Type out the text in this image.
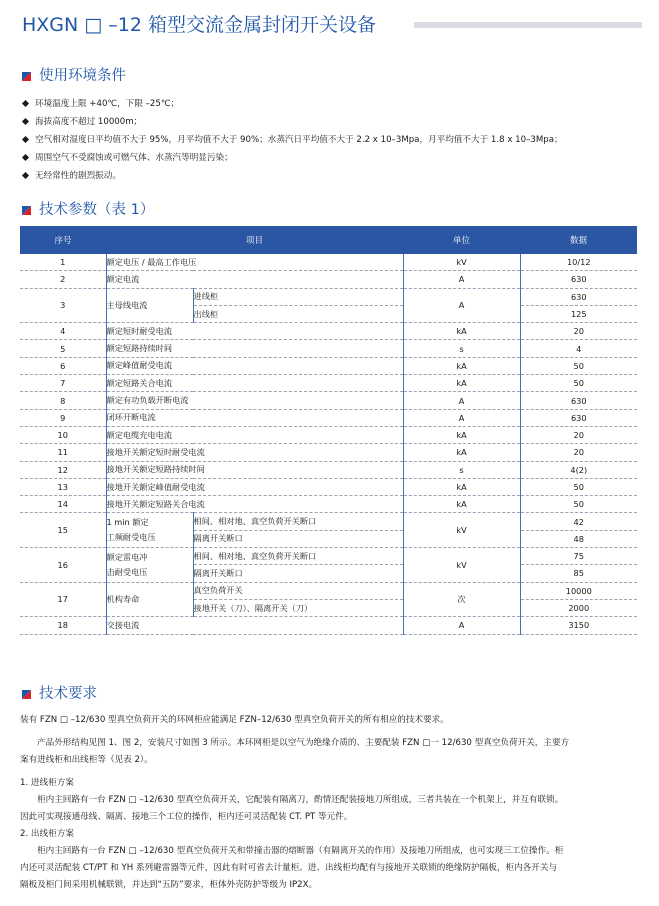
HXGN □ –12 箱型交流金属封闭开关设备
使用环境条件
环境温度上限 +40℃，下限 –25℃；
海拔高度不超过 10000m；
空气相对湿度日平均值不大于 95%，月平均值不大于 90%；水蒸汽日平均值不大于 2.2 x 10–3Mpa，月平均值不大于 1.8 x 10–3Mpa；
周围空气不受腐蚀或可燃气体、水蒸汽等明显污染；
无经常性的剧烈振动。
技术参数（表 1）
序号	项目		单位	数据
1	额定电压 / 最高工作电压		kV	10/12
2	额定电流		A	630
3	主母线电流	进线柜	A	630
		出线柜		125
4	额定短时耐受电流		kA	20
5	额定短路持续时间		s	4
6	额定峰值耐受电流		kA	50
7	额定短路关合电流		kA	50
8	额定有功负载开断电流		A	630
9	闭环开断电流		A	630
10	额定电缆充电电流		kA	20
11	接地开关额定短时耐受电流		kA	20
12	接地开关额定短路持续时间		s	4(2)
13	接地开关额定峰值耐受电流		kA	50
14	接地开关额定短路关合电流		kA	50
15	1 min 额定
工频耐受电压	相间、相对地、真空负荷开关断口	kV	42
		隔离开关断口		48
16	额定雷电冲
击耐受电压	相间、相对地、真空负荷开关断口	kV	75
		隔离开关断口		85
17	机构寿命	真空负荷开关	次	10000
		接地开关（刀）、隔离开关（刀）		2000
18	交接电流		A	3150
技术要求

装有 FZN □ –12/630 型真空负荷开关的环网柜应能满足 FZN–12/630 型真空负荷开关的所有相应的技术要求。

产品外形结构见图 1、图 2，安装尺寸如图 3 所示。本环网柜是以空气为绝缘介质的、主要配装 FZN □一 12/630 型真空负荷开关，主要方

案有进线柜和出线柜等（见表 2）。

1. 进线柜方案

柜内主回路有一台 FZN □ –12/630 型真空负荷开关，它配装有隔离刀，酌情还配装接地刀所组成，三者共装在一个机架上，并互有联锁。

因此可实现接通母线、隔离、接地三个工位的操作，柜内还可灵活配装 CT. PT 等元件。

2. 出线柜方案

柜内主回路有一台 FZN □ –12/630 型真空负荷开关和带撞击器的熔断器（有隔离开关的作用）及接地刀所组成，也可实现三工位操作。柜

内还可灵活配装 CT/PT 和 YH 系列避雷器等元件，因此有时可省去计量柜。进、出线柜均配有与接地开关联锁的绝缘防护隔板，柜内各开关与

隔板及柜门间采用机械联锁，并达到“五防”要求，柜体外壳防护等级为 IP2X。
